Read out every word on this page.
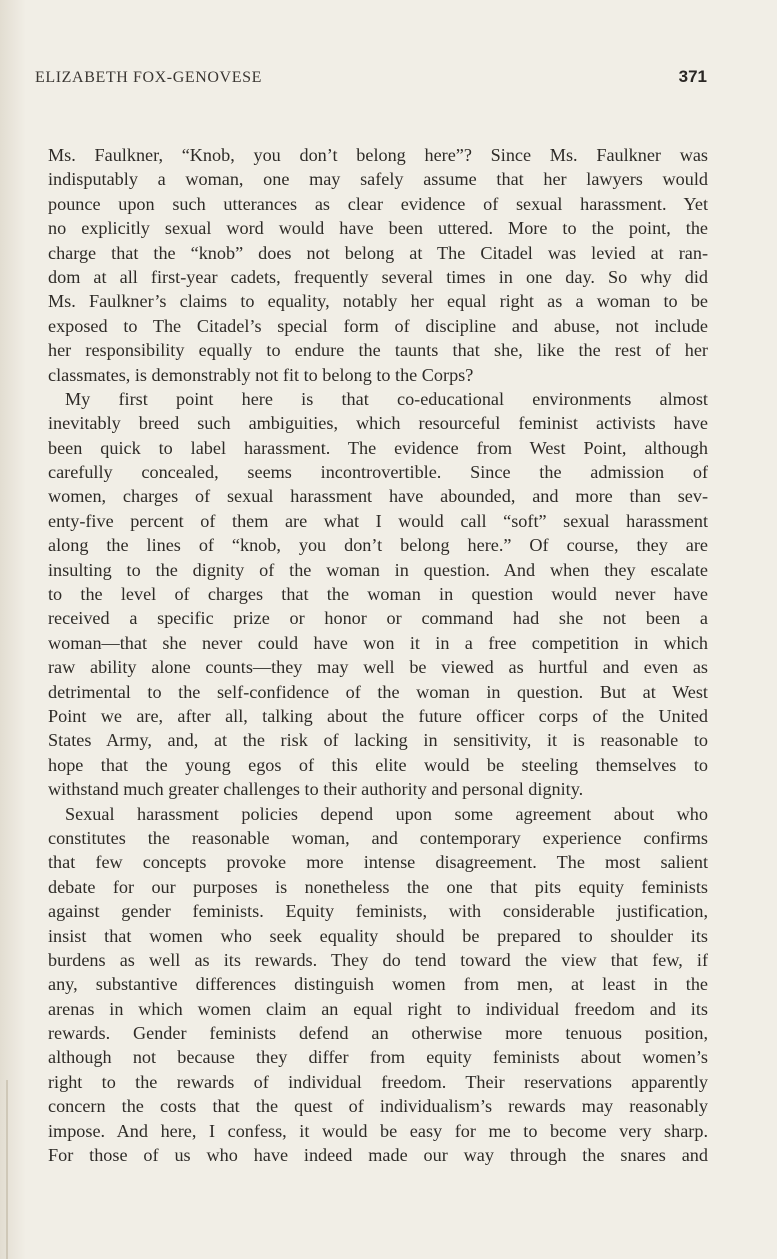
ELIZABETH FOX-GENOVESE	371
Ms. Faulkner, “Knob, you don’t belong here”? Since Ms. Faulkner was
indisputably a woman, one may safely assume that her lawyers would
pounce upon such utterances as clear evidence of sexual harassment. Yet
no explicitly sexual word would have been uttered. More to the point, the
charge that the “knob” does not belong at The Citadel was levied at ran-
dom at all first-year cadets, frequently several times in one day. So why did
Ms. Faulkner’s claims to equality, notably her equal right as a woman to be
exposed to The Citadel’s special form of discipline and abuse, not include
her responsibility equally to endure the taunts that she, like the rest of her
classmates, is demonstrably not fit to belong to the Corps?
My first point here is that co-educational environments almost
inevitably breed such ambiguities, which resourceful feminist activists have
been quick to label harassment. The evidence from West Point, although
carefully concealed, seems incontrovertible. Since the admission of
women, charges of sexual harassment have abounded, and more than sev-
enty-five percent of them are what I would call “soft” sexual harassment
along the lines of “knob, you don’t belong here.” Of course, they are
insulting to the dignity of the woman in question. And when they escalate
to the level of charges that the woman in question would never have
received a specific prize or honor or command had she not been a
woman—that she never could have won it in a free competition in which
raw ability alone counts—they may well be viewed as hurtful and even as
detrimental to the self-confidence of the woman in question. But at West
Point we are, after all, talking about the future officer corps of the United
States Army, and, at the risk of lacking in sensitivity, it is reasonable to
hope that the young egos of this elite would be steeling themselves to
withstand much greater challenges to their authority and personal dignity.
Sexual harassment policies depend upon some agreement about who
constitutes the reasonable woman, and contemporary experience confirms
that few concepts provoke more intense disagreement. The most salient
debate for our purposes is nonetheless the one that pits equity feminists
against gender feminists. Equity feminists, with considerable justification,
insist that women who seek equality should be prepared to shoulder its
burdens as well as its rewards. They do tend toward the view that few, if
any, substantive differences distinguish women from men, at least in the
arenas in which women claim an equal right to individual freedom and its
rewards. Gender feminists defend an otherwise more tenuous position,
although not because they differ from equity feminists about women’s
right to the rewards of individual freedom. Their reservations apparently
concern the costs that the quest of individualism’s rewards may reasonably
impose. And here, I confess, it would be easy for me to become very sharp.
For those of us who have indeed made our way through the snares and
